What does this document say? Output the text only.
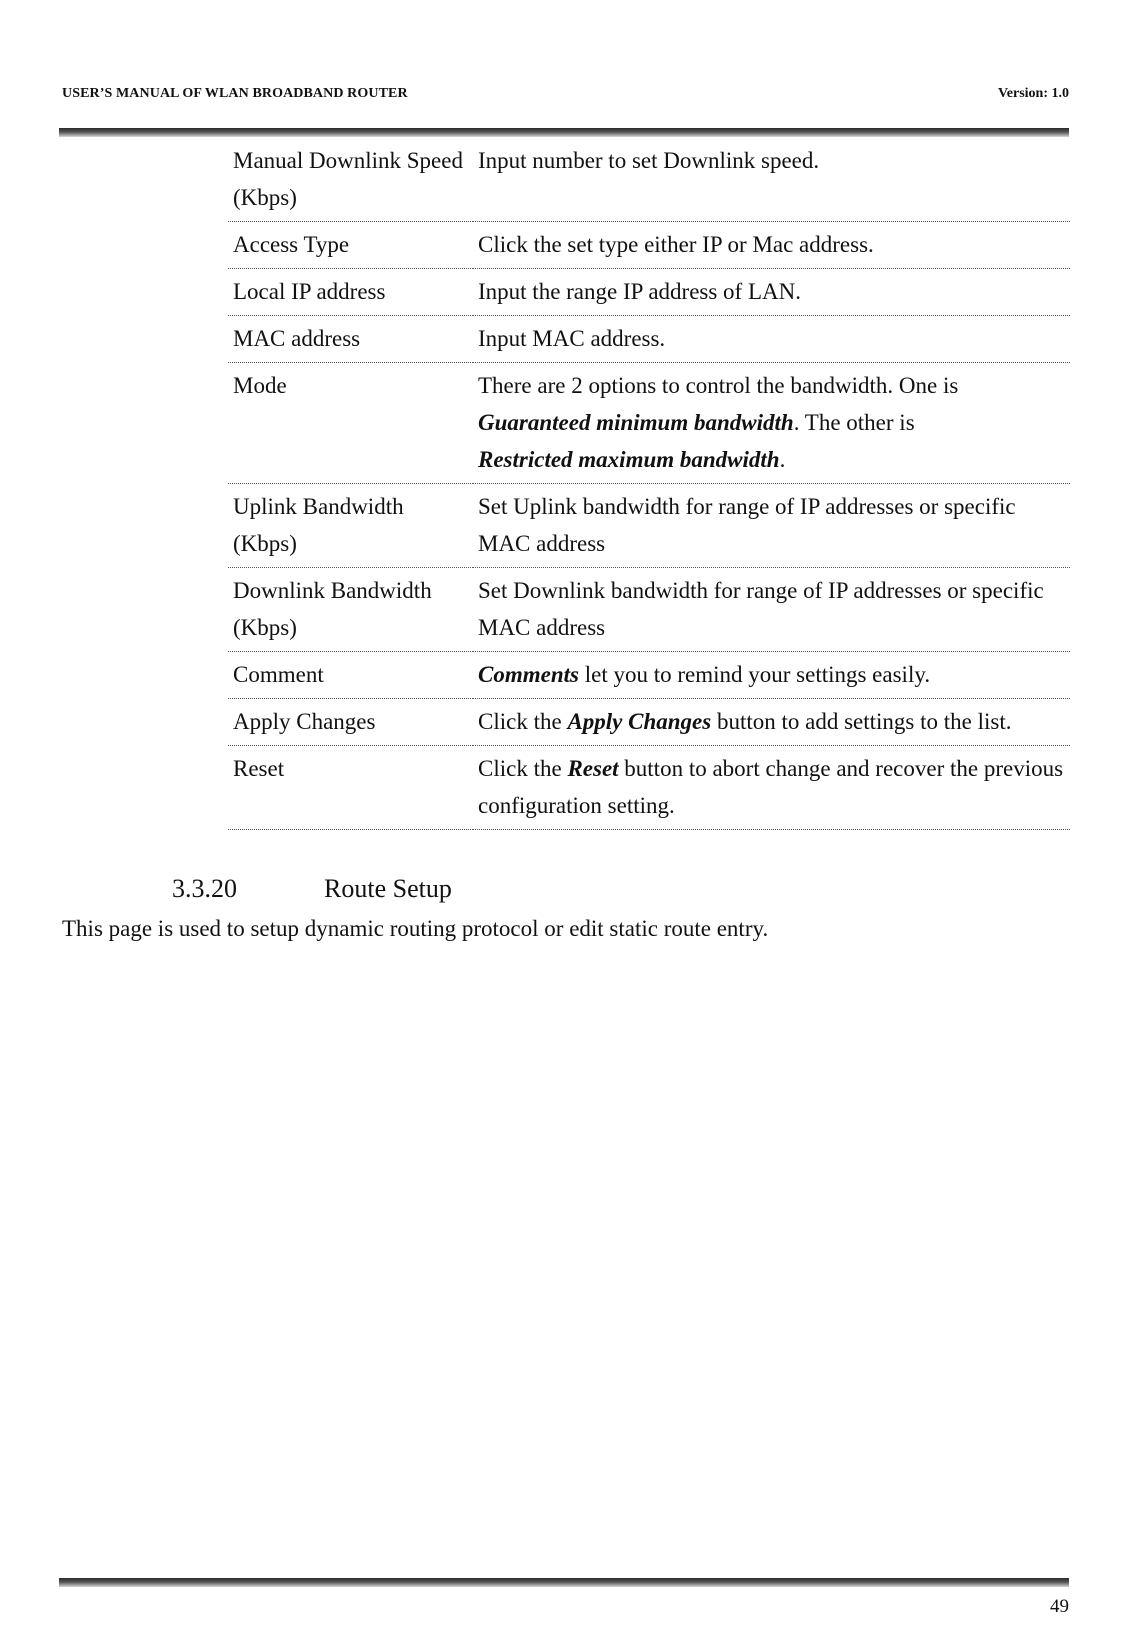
USER’S MANUAL OF WLAN BROADBAND ROUTER	Version: 1.0
Manual Downlink Speed (Kbps)	Input number to set Downlink speed.
Access Type	Click the set type either IP or Mac address.
Local IP address	Input the range IP address of LAN.
MAC address	Input MAC address.
Mode	There are 2 options to control the bandwidth. One is Guaranteed minimum bandwidth. The other is
Restricted maximum bandwidth.
Uplink Bandwidth (Kbps)	Set Uplink bandwidth for range of IP addresses or specific MAC address
Downlink Bandwidth (Kbps)	Set Downlink bandwidth for range of IP addresses or specific MAC address
Comment	Comments let you to remind your settings easily.
Apply Changes	Click the Apply Changes button to add settings to the list.
Reset	Click the Reset button to abort change and recover the previous configuration setting.
3.3.20	Route Setup
This page is used to setup dynamic routing protocol or edit static route entry.
49
